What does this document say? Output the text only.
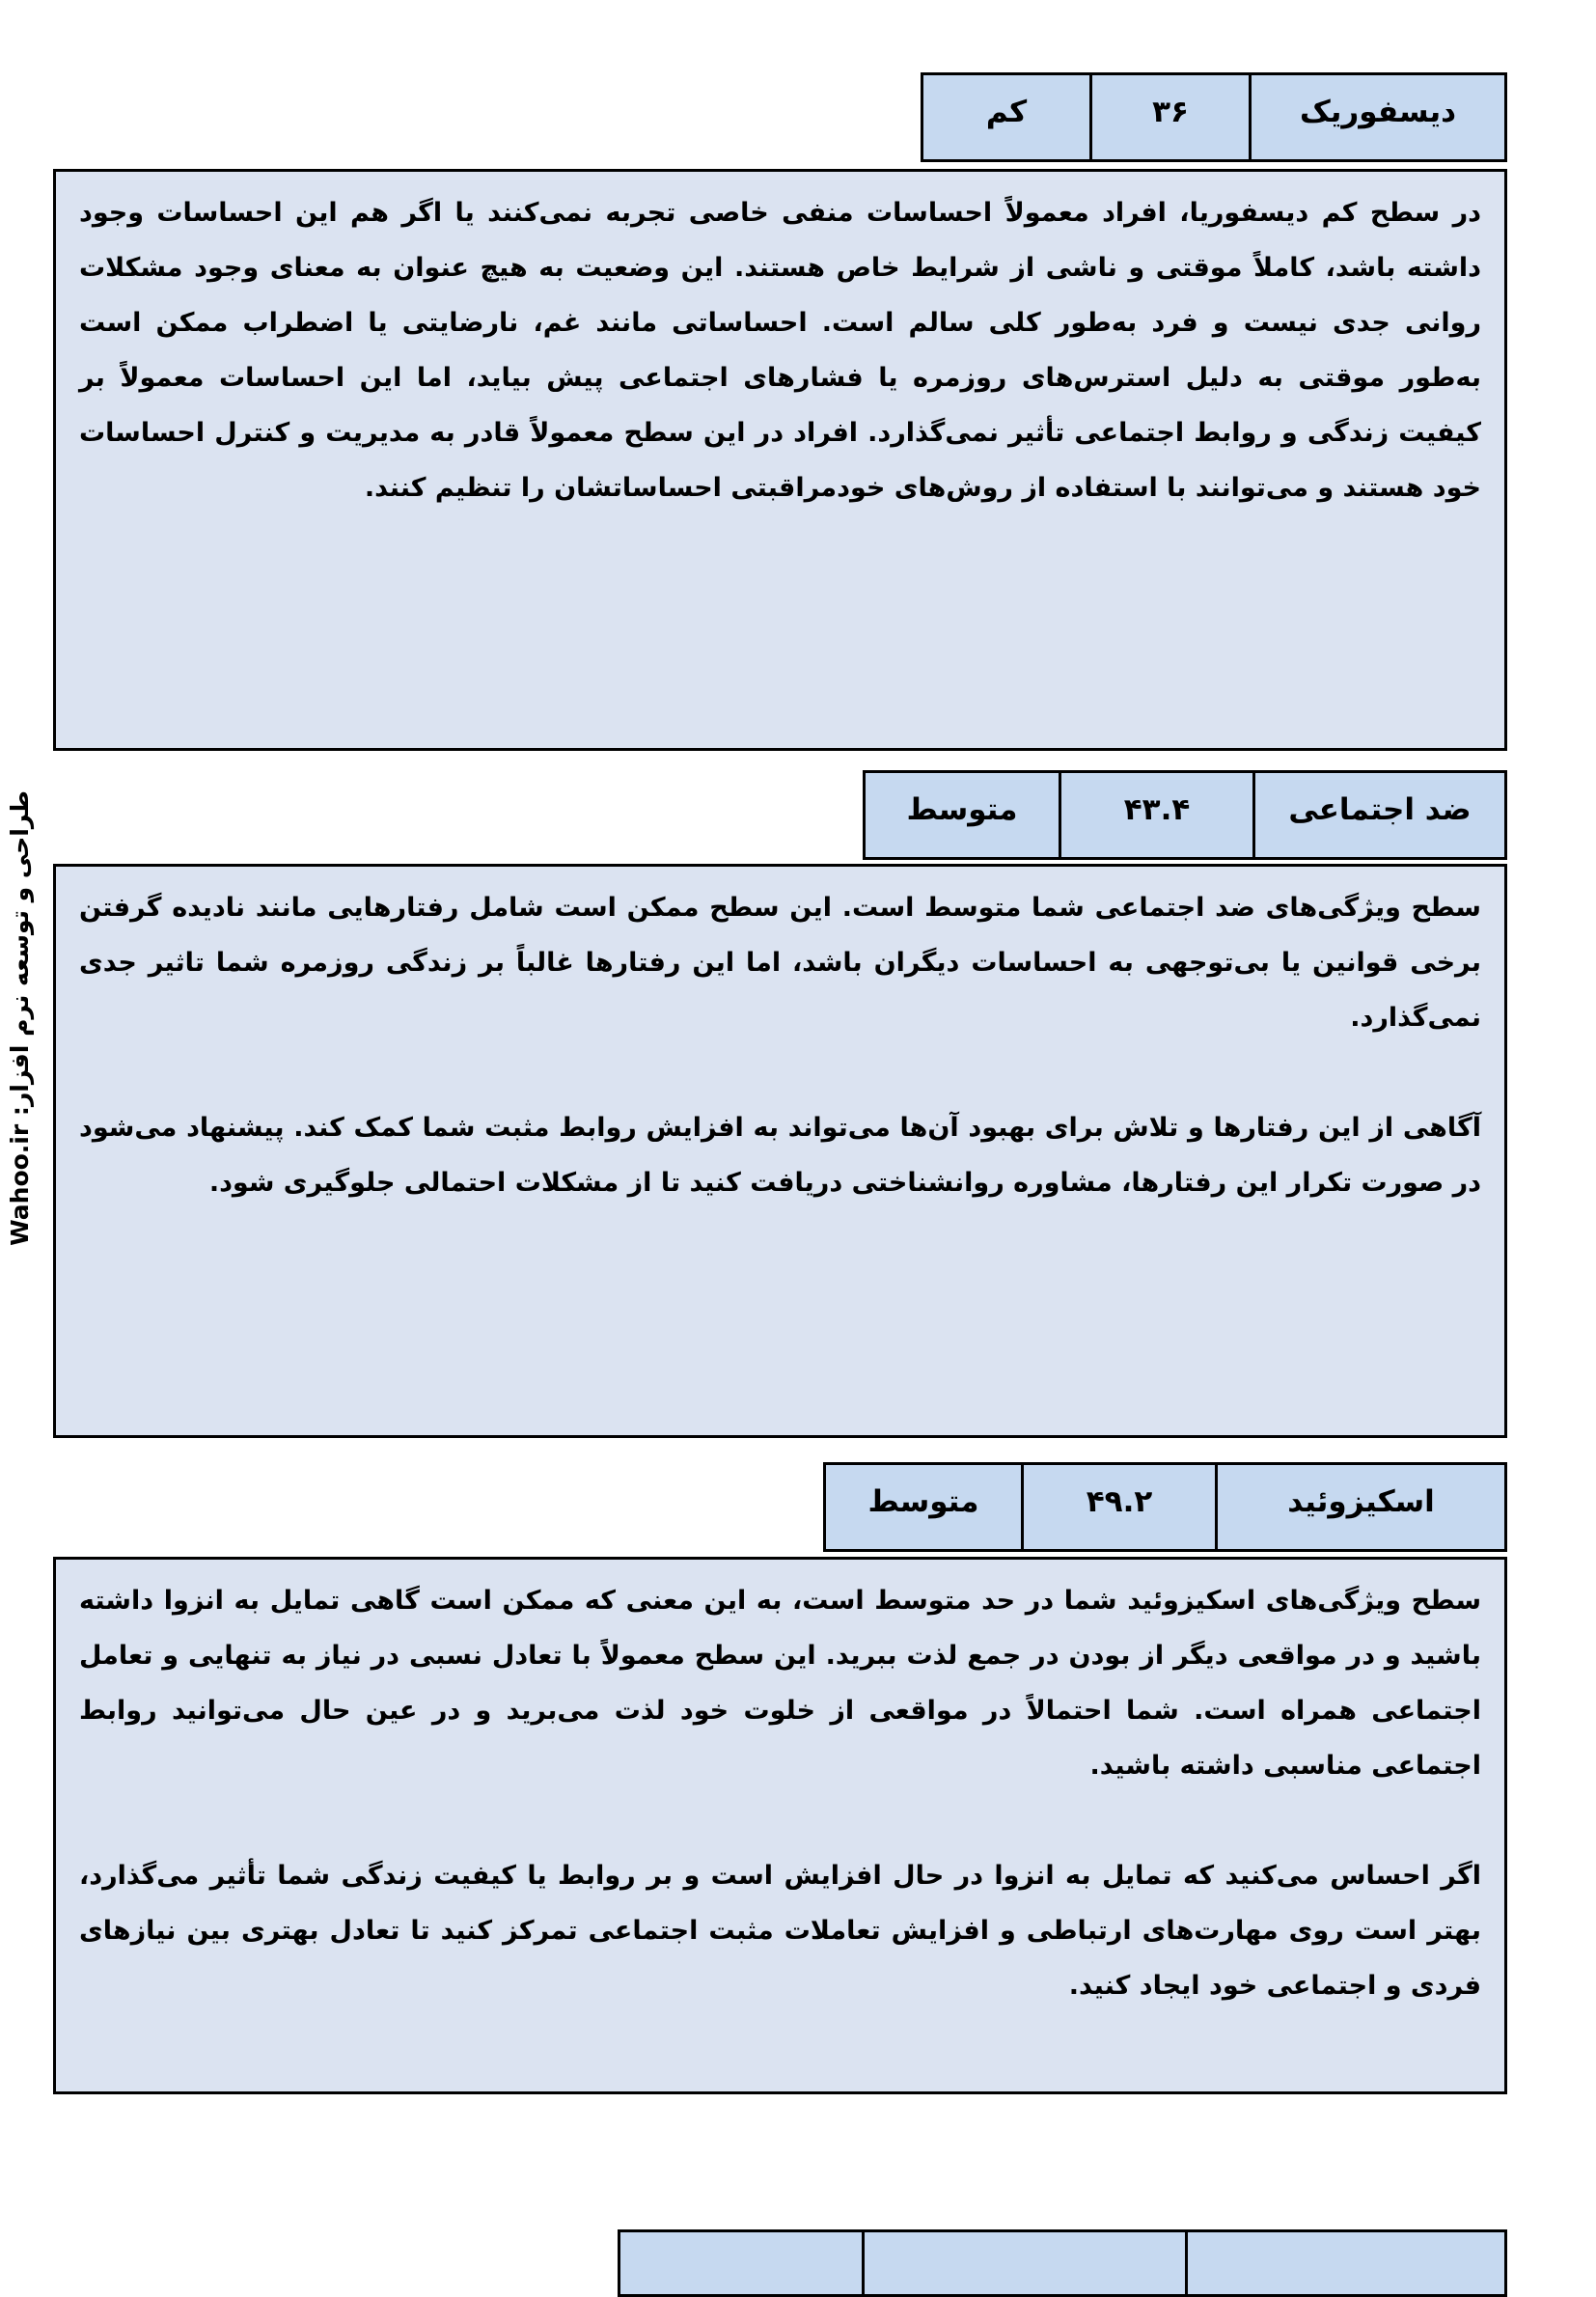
دیسفوریک
۳۶
کم

در سطح کم دیسفوریا، افراد معمولاً احساسات منفی خاصی تجربه نمی‌کنند یا اگر هم این احساسات وجود داشته باشد، کاملاً موقتی و ناشی از شرایط خاص هستند. این وضعیت به هیچ عنوان به معنای وجود مشکلات روانی جدی نیست و فرد به‌طور کلی سالم است. احساساتی مانند غم، نارضایتی یا اضطراب ممکن است به‌طور موقتی به دلیل استرس‌های روزمره یا فشارهای اجتماعی پیش بیاید، اما این احساسات معمولاً بر کیفیت زندگی و روابط اجتماعی تأثیر نمی‌گذارد. افراد در این سطح معمولاً قادر به مدیریت و کنترل احساسات خود هستند و می‌توانند با استفاده از روش‌های خودمراقبتی احساساتشان را تنظیم کنند.

ضد اجتماعی
۴۳.۴
متوسط

سطح ویژگی‌های ضد اجتماعی شما متوسط است. این سطح ممکن است شامل رفتارهایی مانند نادیده گرفتن برخی قوانین یا بی‌توجهی به احساسات دیگران باشد، اما این رفتارها غالباً بر زندگی روزمره شما تاثیر جدی نمی‌گذارد.

آگاهی از این رفتارها و تلاش برای بهبود آن‌ها می‌تواند به افزایش روابط مثبت شما کمک کند. پیشنهاد می‌شود در صورت تکرار این رفتارها، مشاوره روانشناختی دریافت کنید تا از مشکلات احتمالی جلوگیری شود.

اسکیزوئید
۴۹.۲
متوسط

سطح ویژگی‌های اسکیزوئید شما در حد متوسط است، به این معنی که ممکن است گاهی تمایل به انزوا داشته باشید و در مواقعی دیگر از بودن در جمع لذت ببرید. این سطح معمولاً با تعادل نسبی در نیاز به تنهایی و تعامل اجتماعی همراه است. شما احتمالاً در مواقعی از خلوت خود لذت می‌برید و در عین حال می‌توانید روابط اجتماعی مناسبی داشته باشید.

اگر احساس می‌کنید که تمایل به انزوا در حال افزایش است و بر روابط یا کیفیت زندگی شما تأثیر می‌گذارد، بهتر است روی مهارت‌های ارتباطی و افزایش تعاملات مثبت اجتماعی تمرکز کنید تا تعادل بهتری بین نیازهای فردی و اجتماعی خود ایجاد کنید.

طراحی و توسعه نرم افزار: Wahoo.ir
